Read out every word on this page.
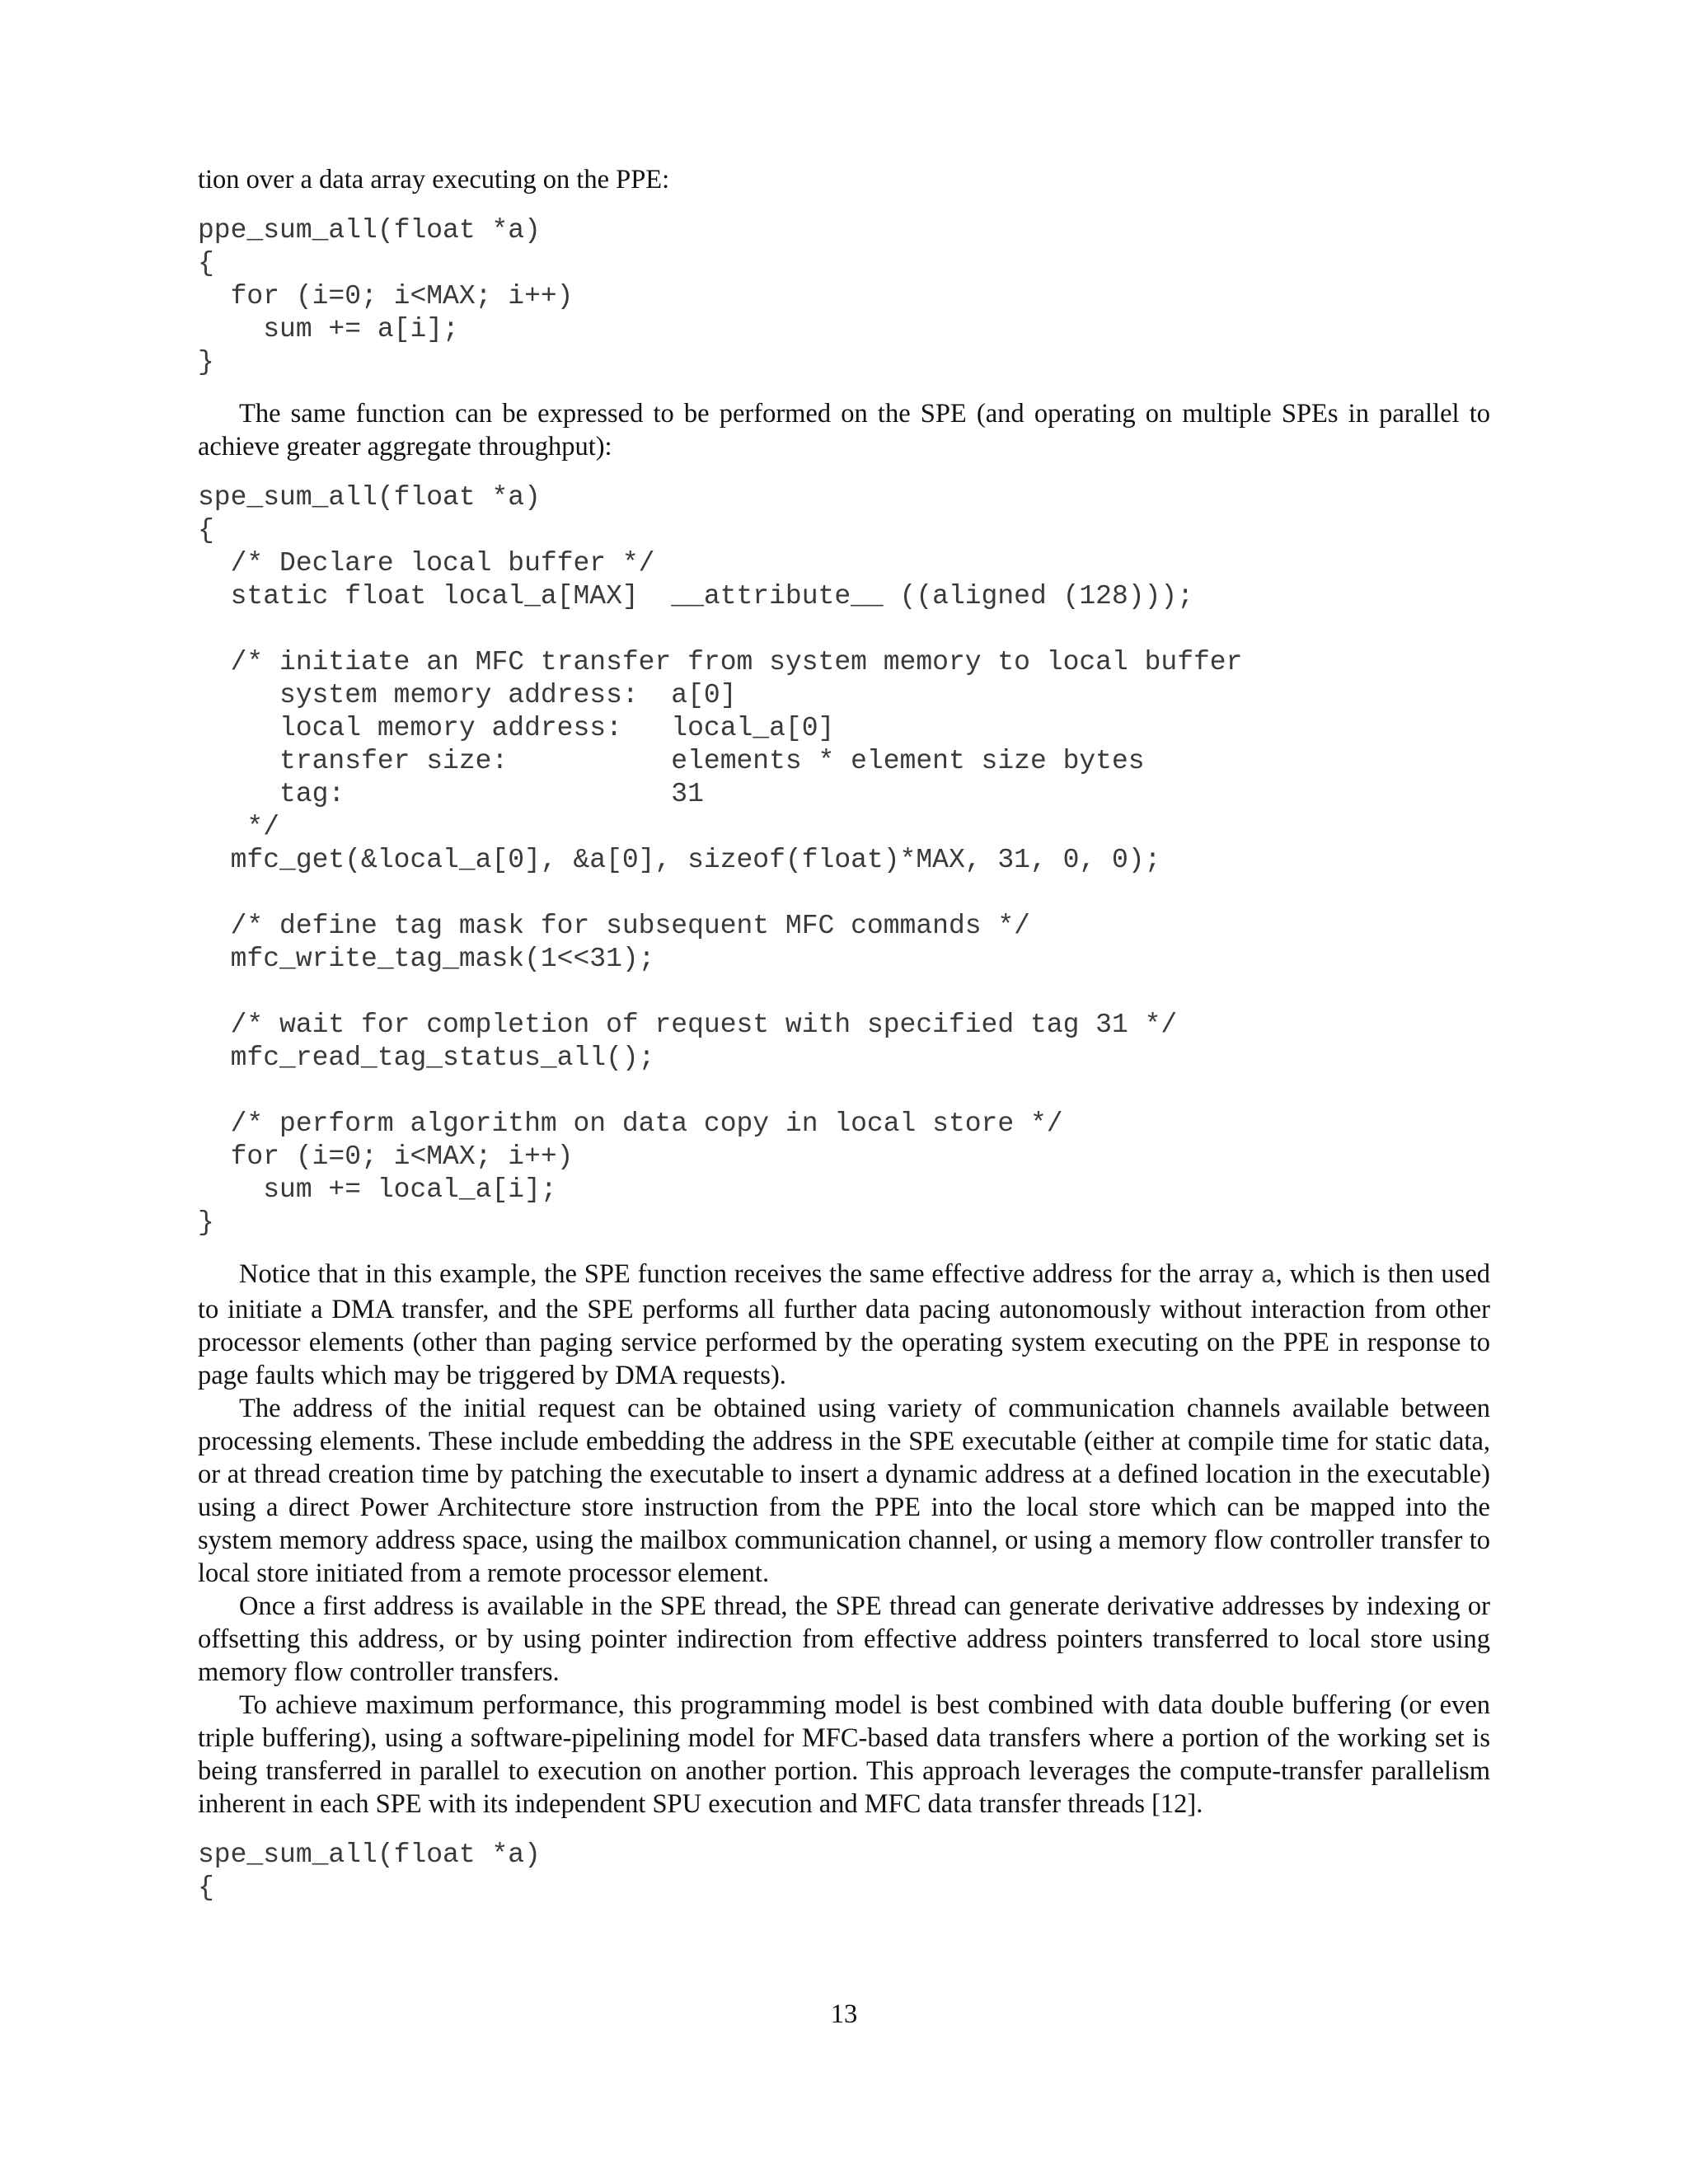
tion over a data array executing on the PPE:

ppe_sum_all(float *a)
{
for (i=0; i<MAX; i++)
sum += a[i];
}

The same function can be expressed to be performed on the SPE (and operating on multiple SPEs in parallel to achieve greater aggregate throughput):

spe_sum_all(float *a)
{
/* Declare local buffer */
static float local_a[MAX]  __attribute__ ((aligned (128)));

/* initiate an MFC transfer from system memory to local buffer
system memory address:  a[0]
local memory address:   local_a[0]
transfer size:          elements * element size bytes
tag:                    31
*/
mfc_get(&local_a[0], &a[0], sizeof(float)*MAX, 31, 0, 0);

/* define tag mask for subsequent MFC commands */
mfc_write_tag_mask(1<<31);

/* wait for completion of request with specified tag 31 */
mfc_read_tag_status_all();

/* perform algorithm on data copy in local store */
for (i=0; i<MAX; i++)
sum += local_a[i];
}

Notice that in this example, the SPE function receives the same effective address for the array a, which is then used to initiate a DMA transfer, and the SPE performs all further data pacing autonomously without interaction from other processor elements (other than paging service performed by the operating system executing on the PPE in response to page faults which may be triggered by DMA requests).

The address of the initial request can be obtained using variety of communication channels available between processing elements. These include embedding the address in the SPE executable (either at compile time for static data, or at thread creation time by patching the executable to insert a dynamic address at a defined location in the executable) using a direct Power Architecture store instruction from the PPE into the local store which can be mapped into the system memory address space, using the mailbox communication channel, or using a memory flow controller transfer to local store initiated from a remote processor element.

Once a first address is available in the SPE thread, the SPE thread can generate derivative addresses by indexing or offsetting this address, or by using pointer indirection from effective address pointers transferred to local store using memory flow controller transfers.

To achieve maximum performance, this programming model is best combined with data double buffering (or even triple buffering), using a software-pipelining model for MFC-based data transfers where a portion of the working set is being transferred in parallel to execution on another portion. This approach leverages the compute-transfer parallelism inherent in each SPE with its independent SPU execution and MFC data transfer threads [12].

spe_sum_all(float *a)
{
13
